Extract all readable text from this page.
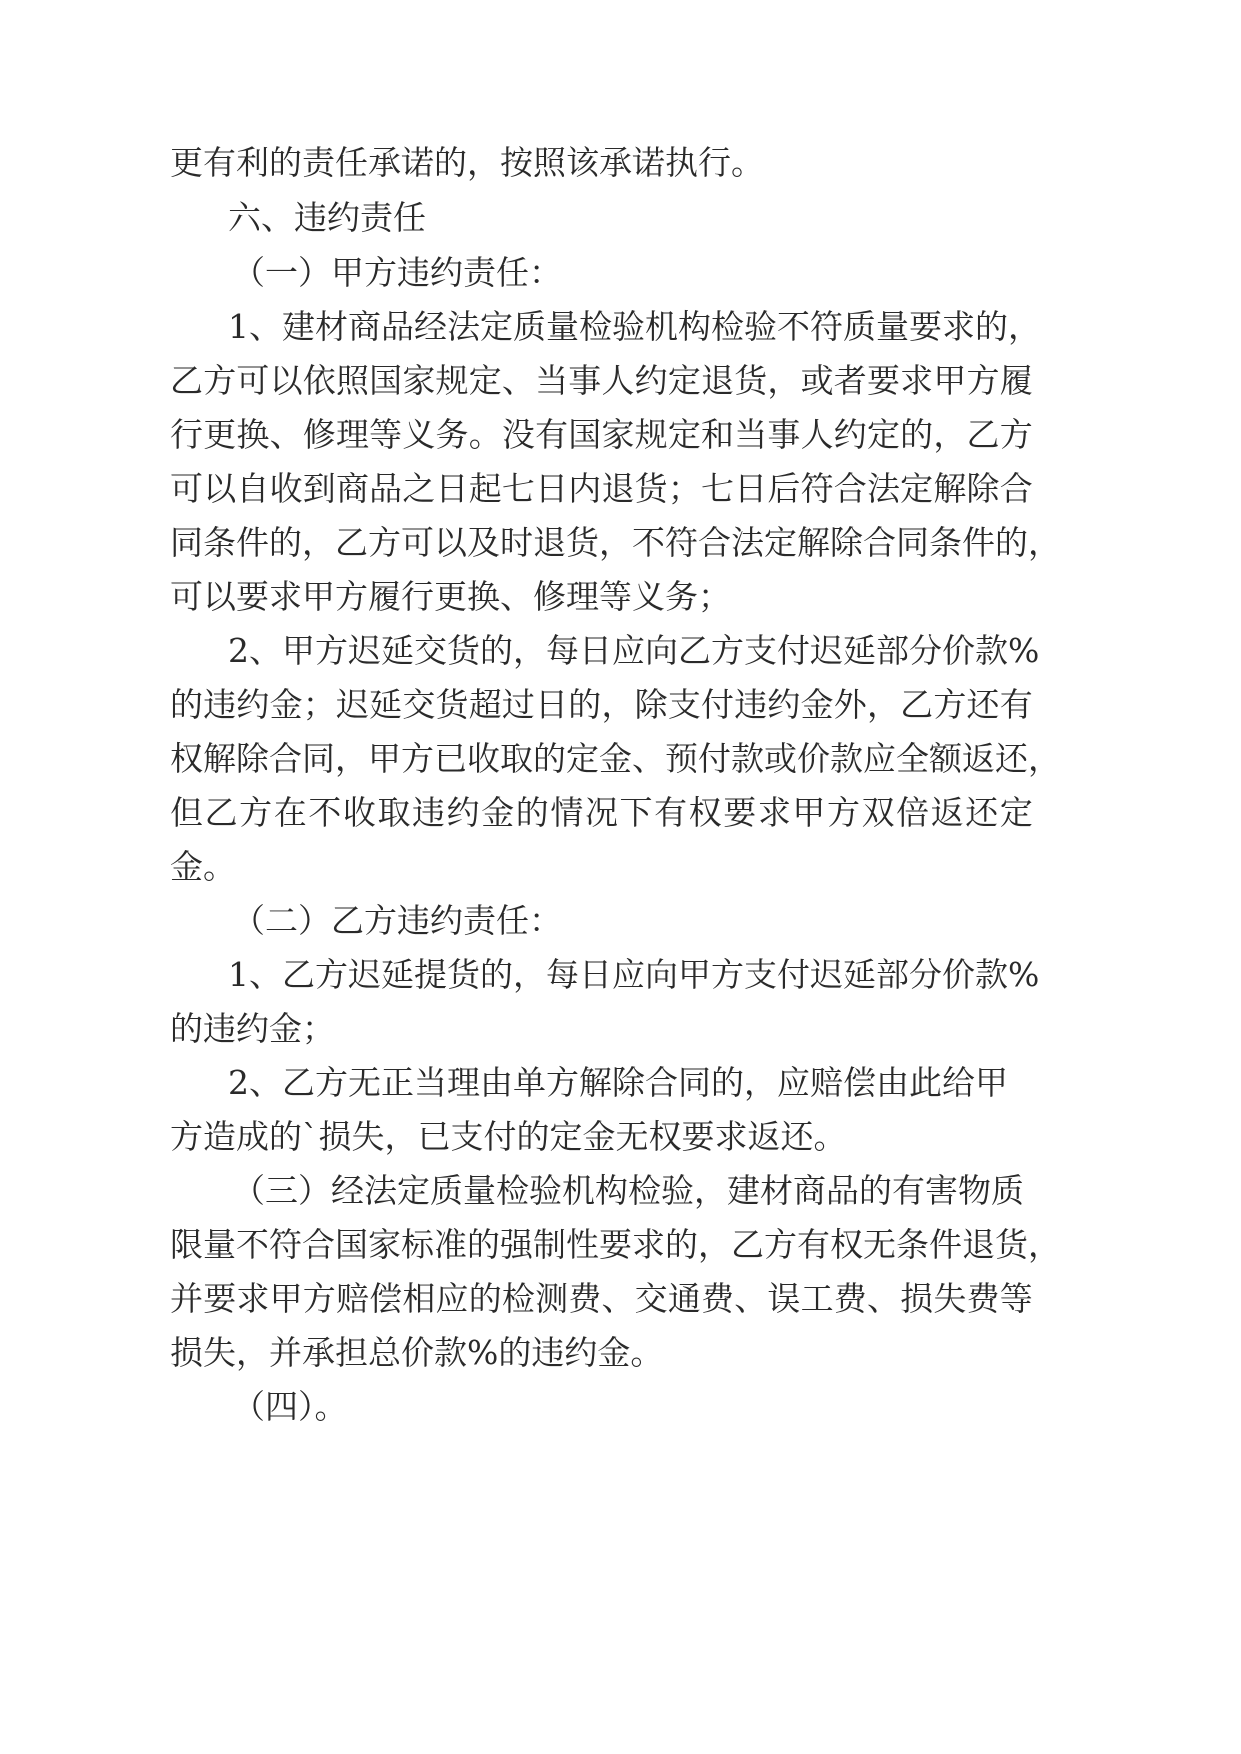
更有利的责任承诺的，按照该承诺执行。
六、违约责任
（一）甲方违约责任：
1 、 建 材 商 品 经 法 定 质 量 检 验 机 构 检 验 不 符 质 量 要 求 的 ，
乙 方 可 以 依 照 国 家 规 定 、 当 事 人 约 定 退 货 ， 或 者 要 求 甲 方 履
行 更 换 、 修 理 等 义 务 。 没 有 国 家 规 定 和 当 事 人 约 定 的 ， 乙 方
可 以 自 收 到 商 品 之 日 起 七 日 内 退 货 ； 七 日 后 符 合 法 定 解 除 合
同 条 件 的 ， 乙 方 可 以 及 时 退 货 ， 不 符 合 法 定 解 除 合 同 条 件 的 ，
可以要求甲方履行更换、修理等义务；
2 、 甲 方 迟 延 交 货 的 ， 每 日 应 向 乙 方 支 付 迟 延 部 分 价 款 %
的 违 约 金 ； 迟 延 交 货 超 过 日 的 ， 除 支 付 违 约 金 外 ， 乙 方 还 有
权 解 除 合 同 ， 甲 方 已 收 取 的 定 金 、 预 付 款 或 价 款 应 全 额 返 还 ，
但 乙 方 在 不 收 取 违 约 金 的 情 况 下 有 权 要 求 甲 方 双 倍 返 还 定
金。
（二）乙方违约责任：
1 、 乙 方 迟 延 提 货 的 ， 每 日 应 向 甲 方 支 付 迟 延 部 分 价 款 %
的违约金；
2 、 乙 方 无 正 当 理 由 单 方 解 除 合 同 的 ， 应 赔 偿 由 此 给 甲
方造成的`损失，已支付的定金无权要求返还。
（ 三 ） 经 法 定 质 量 检 验 机 构 检 验 ， 建 材 商 品 的 有 害 物 质
限 量 不 符 合 国 家 标 准 的 强 制 性 要 求 的 ， 乙 方 有 权 无 条 件 退 货 ，
并 要 求 甲 方 赔 偿 相 应 的 检 测 费 、 交 通 费 、 误 工 费 、 损 失 费 等
损失，并承担总价款%的违约金。
（四）。
